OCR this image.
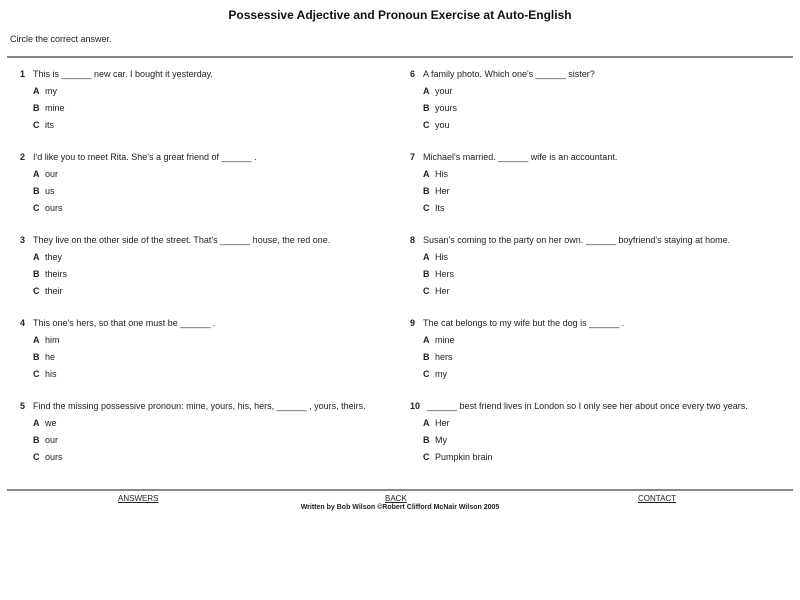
Possessive Adjective and Pronoun Exercise at Auto-English
Circle the correct answer.
1 This is ______ new car. I bought it yesterday.
A my
B mine
C its
2 I'd like you to meet Rita. She's a great friend of ______ .
A our
B us
C ours
3 They live on the other side of the street. That's ______ house, the red one.
A they
B theirs
C their
4 This one's hers, so that one must be ______ .
A him
B he
C his
5 Find the missing possessive pronoun: mine, yours, his, hers, ______ , yours, theirs.
A we
B our
C ours
6 A family photo. Which one's ______ sister?
A your
B yours
C you
7 Michael's married. ______ wife is an accountant.
A His
B Her
C Its
8 Susan's coming to the party on her own. ______ boyfriend's staying at home.
A His
B Hers
C Her
9 The cat belongs to my wife but the dog is ______ .
A mine
B hers
C my
10 ______ best friend lives in London so I only see her about once every two years.
A Her
B My
C Pumpkin brain
ANSWERS	BACK	CONTACT
Written by Bob Wilson ©Robert Clifford McNair Wilson 2005
